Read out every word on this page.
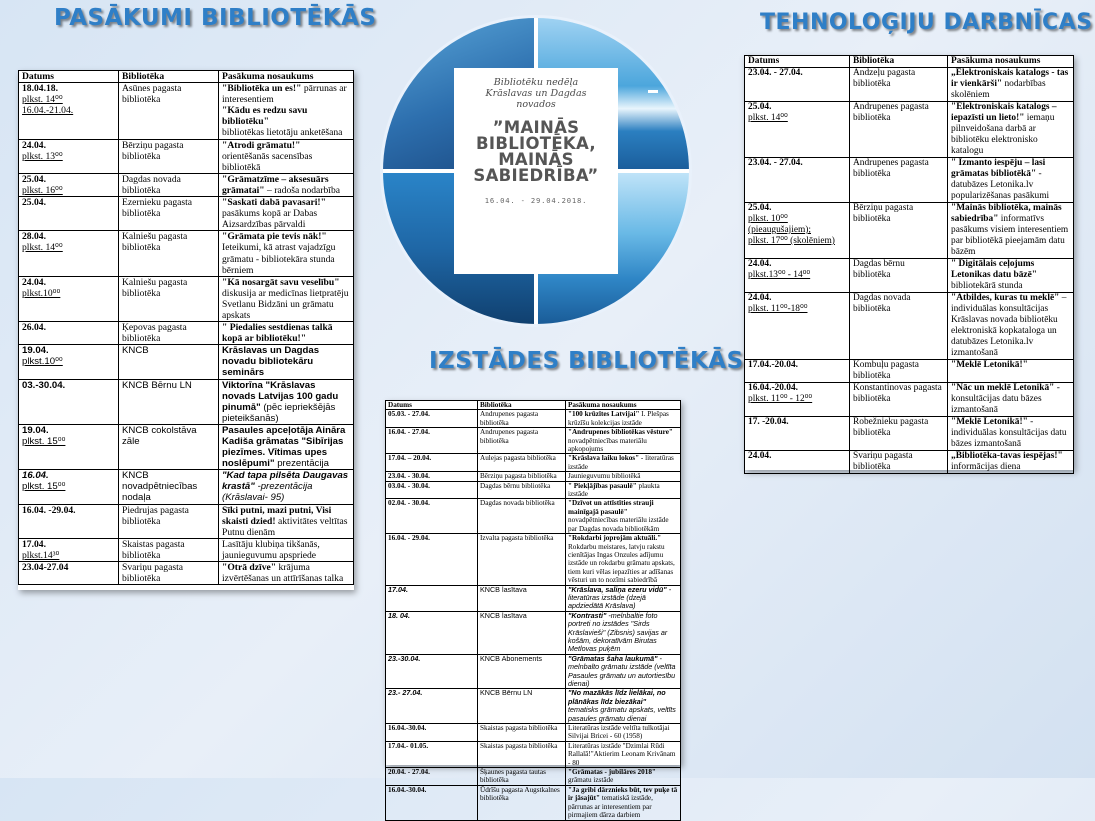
PASĀKUMI BIBLIOTĒKĀS	TEHNOLOĢIJU DARBNĪCAS
IZSTĀDES BIBLIOTĒKĀS
Bibliotēku nedēļa
Krāslavas un Dagdas
novados
”MAINĀS
BIBLIOTĒKA,
MAINĀS
SABIEDRĪBA”
16.04. - 29.04.2018.
Datums	Bibliotēka	Pasākuma nosaukums

18.04.18.
plkst. 14⁰⁰
16.04.-21.04.	Asūnes pagasta bibliotēka	"Bibliotēka un es!" pārrunas ar interesentiem
"Kādu es redzu savu bibliotēku"
bibliotēkas lietotāju anketēšana

24.04.
plkst. 13⁰⁰	Bērziņu pagasta bibliotēka	"Atrodi grāmatu!" orientēšanās sacensības bibliotēkā

25.04.
plkst. 16⁰⁰	Dagdas novada bibliotēka	"Grāmatzīme – aksesuārs grāmatai" – radoša nodarbība

25.04.	Ezernieku pagasta bibliotēka	"Saskati dabā pavasari!" pasākums kopā ar Dabas Aizsardzības pārvaldi

28.04.
plkst. 14⁰⁰	Kalniešu pagasta bibliotēka	"Grāmata pie tevis nāk!" Ieteikumi, kā atrast vajadzīgu grāmatu - bibliotekāra stunda bērniem

24.04.
plkst.10⁰⁰	Kalniešu pagasta bibliotēka	"Kā nosargāt savu veselību" diskusija ar medicīnas lietpratēju Svetlanu Bidzāni un grāmatu apskats

26.04.	Ķepovas pagasta bibliotēka	" Piedalies sestdienas talkā kopā ar bibliotēku!"

19.04.
plkst.10⁰⁰	KNCB	Krāslavas un Dagdas novadu bibliotekāru seminārs

03.-30.04.	KNCB Bērnu LN	Viktorīna "Krāslavas novads Latvijas 100 gadu pinumā" (pēc iepriekšējās pieteikšanās)

19.04.
plkst. 15⁰⁰	KNCB cokolstāva zāle	Pasaules apceļotāja Aināra Kadiša grāmatas "Sibīrijas piezīmes. Vītimas upes noslēpumi" prezentācija

16.04.
plkst. 15⁰⁰	KNCB novadpētniecības nodaļa	"Kad tapa pilsēta Daugavas krastā" -prezentācija (Krāslavai- 95)

16.04. -29.04.	Piedrujas pagasta bibliotēka	Sīki putni, mazi putni, Visi skaisti dzied! aktivitātes veltītas Putnu dienām

17.04.
plkst.14³⁰	Skaistas pagasta bibliotēka	Lasītāju klubiņa tikšanās, jaunieguvumu apspriede

23.04-27.04	Svariņu pagasta bibliotēka	"Otrā dzīve" krājuma izvērtēšanas un attīrīšanas talka
Datums	Bibliotēka	Pasākuma nosaukums

23.04. - 27.04.	Andzeļu pagasta bibliotēka	„Elektroniskais katalogs - tas ir vienkārši" nodarbības skolēniem

25.04.
plkst. 14⁰⁰	Andrupenes pagasta bibliotēka	"Elektroniskais katalogs – iepazīsti un lieto!" iemaņu pilnveidošana darbā ar bibliotēku elektronisko katalogu

23.04. - 27.04.	Andrupenes pagasta bibliotēka	" Izmanto iespēju – lasi grāmatas bibliotēkā" - datubāzes Letonika.lv popularizēšanas pasākumi

25.04.
plkst. 10⁰⁰
(pieaugušajiem);
plkst. 17⁰⁰ (skolēniem)	Bērziņu pagasta bibliotēka	"Mainās bibliotēka, mainās sabiedrība" informatīvs pasākums visiem interesentiem par bibliotēkā pieejamām datu bāzēm

24.04.
plkst.13⁰⁰ - 14⁰⁰	Dagdas bērnu bibliotēka	" Digitālais ceļojums Letonikas datu bāzē" bibliotekārā stunda

24.04.
plkst. 11⁰⁰-18⁰⁰	Dagdas novada bibliotēka	"Atbildes, kuras tu meklē" – individuālas konsultācijas Krāslavas novada bibliotēku elektroniskā kopkataloga un datubāzes Letonika.lv izmantošanā

17.04.-20.04.	Kombuļu pagasta bibliotēka	"Meklē Letonikā!"

16.04.-20.04.
plkst. 11⁰⁰ - 12⁰⁰	Konstantinovas pagasta bibliotēka	"Nāc un meklē Letonikā" - konsultācijas datu bāzes izmantošanā

17. -20.04.	Robežnieku pagasta bibliotēka	"Meklē Letonikā!" - individuālas konsultācijas datu bāzes izmantošanā

24.04.	Svariņu pagasta bibliotēka	„Bibliotēka-tavas iespējas!" informācijas diena
Datums	Bibliotēka	Pasākuma nosaukums

05.03. - 27.04.	Andrupenes pagasta bibliotēka	"100 krūzītes Latvijai" I. Plešpas krūzīšu kolekcijas izstāde

16.04. - 27.04.	Andrupenes pagasta bibliotēka	"Andrupenes bibliotēkas vēsture" novadpētniecības materiālu apkopojums

17.04. – 20.04.	Aulejas pagasta bibliotēka	"Krāslava laiku lokos" - literatūras izstāde

23.04. - 30.04.	Bērziņu pagasta bibliotēka	Jaunieguvumu bibliotēkā

03.04. - 30.04.	Dagdas bērnu bibliotēka	" Piekļājības pasaulē" plaukta izstāde

02.04. - 30.04.	Dagdas novada bibliotēka	"Dzīvot un attīstīties strauji mainīgajā pasaulē" novadpētniecības materiālu izstāde par Dagdas novada bibliotēkām

16.04. - 29.04.	Izvalta pagasta bibliotēka	"Rokdarbi joprojām aktuāli." Rokdarbu meistares, latvju rakstu cienītājas Ingas Onzules adījumu izstāde un rokdarbu grāmatu apskats, tiem kuri vēlas iepazīties ar adīšanas vēsturi un to nozīmi sabiedrībā

17.04.	KNCB lasītava	"Krāslava, saliņa ezeru vidū" -literatūras izstāde (dzejā apdziedātā Krāslava)

18. 04.	KNCB lasītava	"Kontrasti" -melnbaltie foto portreti no izstādes "Sirds Krāslavieši" (Zibsnis) savijas ar košām, dekoratīvām Birutas Metlovas puķēm

23.-30.04.	KNCB Abonements	"Grāmatas šaha laukumā" - melnbalto grāmatu izstāde (veltīta Pasaules grāmatu un autortiesību dienai)

23.- 27.04.	KNCB Bērnu LN	"No mazākās līdz lielākai, no plānākas līdz biezākai" tematisks grāmatu apskats, veltīts pasaules grāmatu dienai

16.04.-30.04.	Skaistas pagasta bibliotēka	Literatūras izstāde veltīta tulkotājai Silvijai Bricei - 60 (1958)

17.04.- 01.05.	Skaistas pagasta bibliotēka	Literatūras izstāde "Dzimlai Rūdi Rallalā!"Aktierim Leonam Krivānam - 80

20.04. - 27.04.	Šķaunes pagasta tautas bibliotēka	"Grāmatas - jubilāres 2018" grāmatu izstāde

16.04.-30.04.	Ūdrīšu pagasta Augstkalnes bibliotēka	"Ja gribi dārznieks būt, tev puķe tā ir jāsajūt" tematiskā izstāde, pārrunas ar interesentiem par pirmajiem dārza darbiem
